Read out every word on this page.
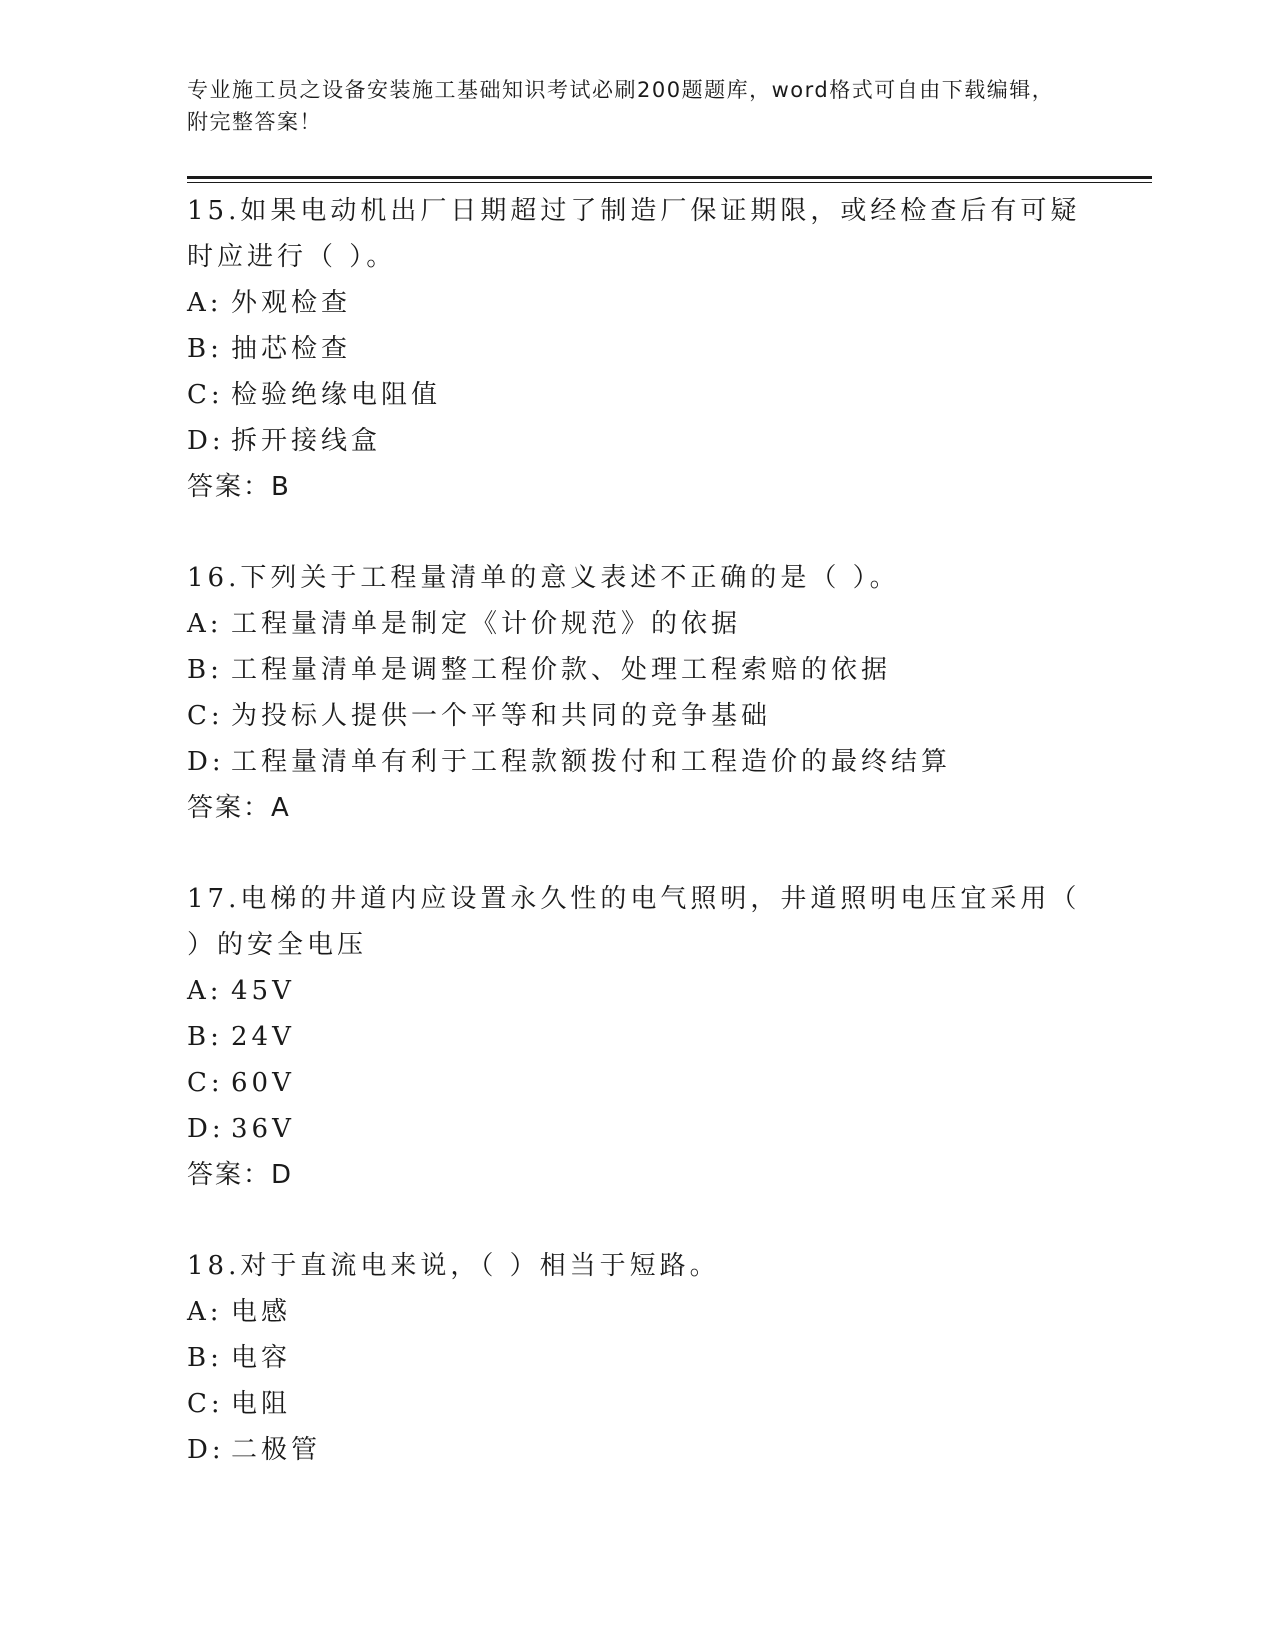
专业施工员之设备安装施工基础知识考试必刷200题题库，word格式可自由下载编辑，附完整答案！

15.如果电动机出厂日期超过了制造厂保证期限，或经检查后有可疑时应进行（ ）。

A: 外观检查

B: 抽芯检查

C: 检验绝缘电阻值

D: 拆开接线盒

答案：B

16.下列关于工程量清单的意义表述不正确的是（ ）。

A: 工程量清单是制定《计价规范》的依据

B: 工程量清单是调整工程价款、处理工程索赔的依据

C: 为投标人提供一个平等和共同的竞争基础

D: 工程量清单有利于工程款额拨付和工程造价的最终结算

答案：A

17.电梯的井道内应设置永久性的电气照明，井道照明电压宜采用（ ）的安全电压

A: 45V

B: 24V

C: 60V

D: 36V

答案：D

18.对于直流电来说，（ ）相当于短路。

A: 电感

B: 电容

C: 电阻

D: 二极管
